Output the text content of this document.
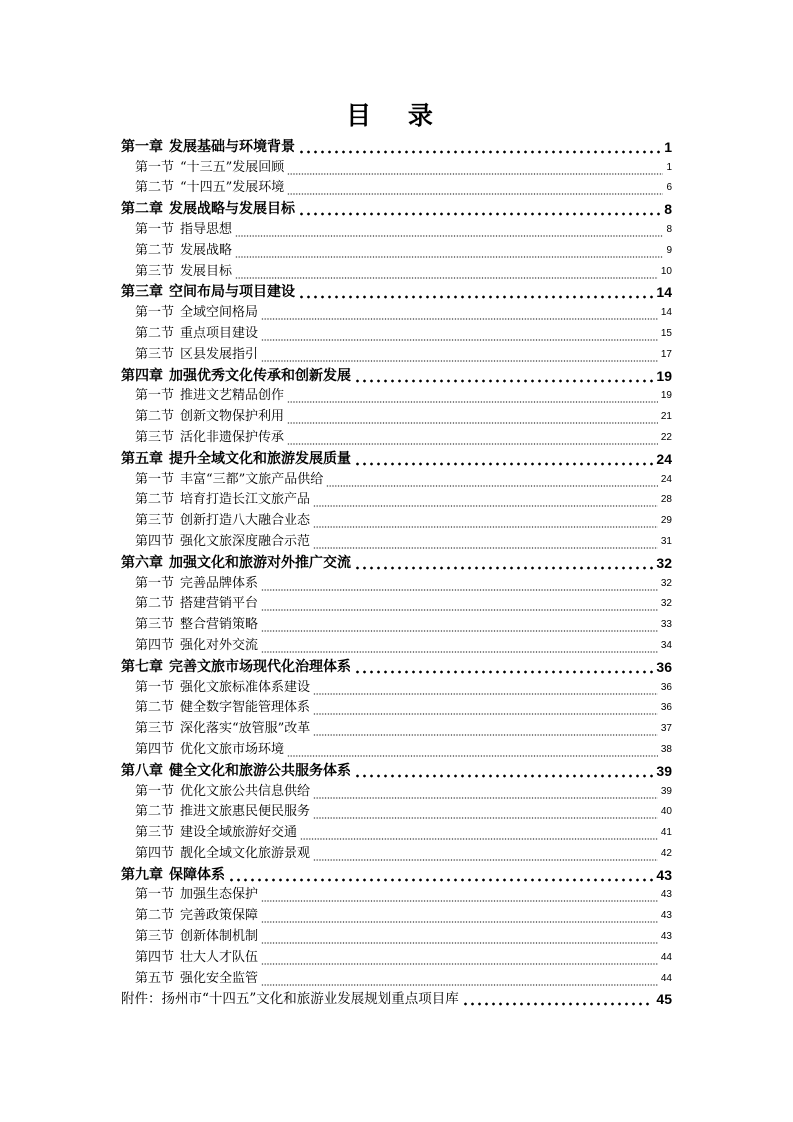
目 录
第一章 发展基础与环境背景	1
第一节 “十三五”发展回顾	1
第二节 “十四五”发展环境	6
第二章 发展战略与发展目标	8
第一节 指导思想	8
第二节 发展战略	9
第三节 发展目标	10
第三章 空间布局与项目建设	14
第一节 全域空间格局	14
第二节 重点项目建设	15
第三节 区县发展指引	17
第四章 加强优秀文化传承和创新发展	19
第一节 推进文艺精品创作	19
第二节 创新文物保护利用	21
第三节 活化非遗保护传承	22
第五章 提升全域文化和旅游发展质量	24
第一节 丰富“三都”文旅产品供给	24
第二节 培育打造长江文旅产品	28
第三节 创新打造八大融合业态	29
第四节 强化文旅深度融合示范	31
第六章 加强文化和旅游对外推广交流	32
第一节 完善品牌体系	32
第二节 搭建营销平台	32
第三节 整合营销策略	33
第四节 强化对外交流	34
第七章 完善文旅市场现代化治理体系	36
第一节 强化文旅标准体系建设	36
第二节 健全数字智能管理体系	36
第三节 深化落实“放管服”改革	37
第四节 优化文旅市场环境	38
第八章 健全文化和旅游公共服务体系	39
第一节 优化文旅公共信息供给	39
第二节 推进文旅惠民便民服务	40
第三节 建设全域旅游好交通	41
第四节 靓化全域文化旅游景观	42
第九章 保障体系	43
第一节 加强生态保护	43
第二节 完善政策保障	43
第三节 创新体制机制	43
第四节 壮大人才队伍	44
第五节 强化安全监管	44
附件：扬州市“十四五”文化和旅游业发展规划重点项目库	45
